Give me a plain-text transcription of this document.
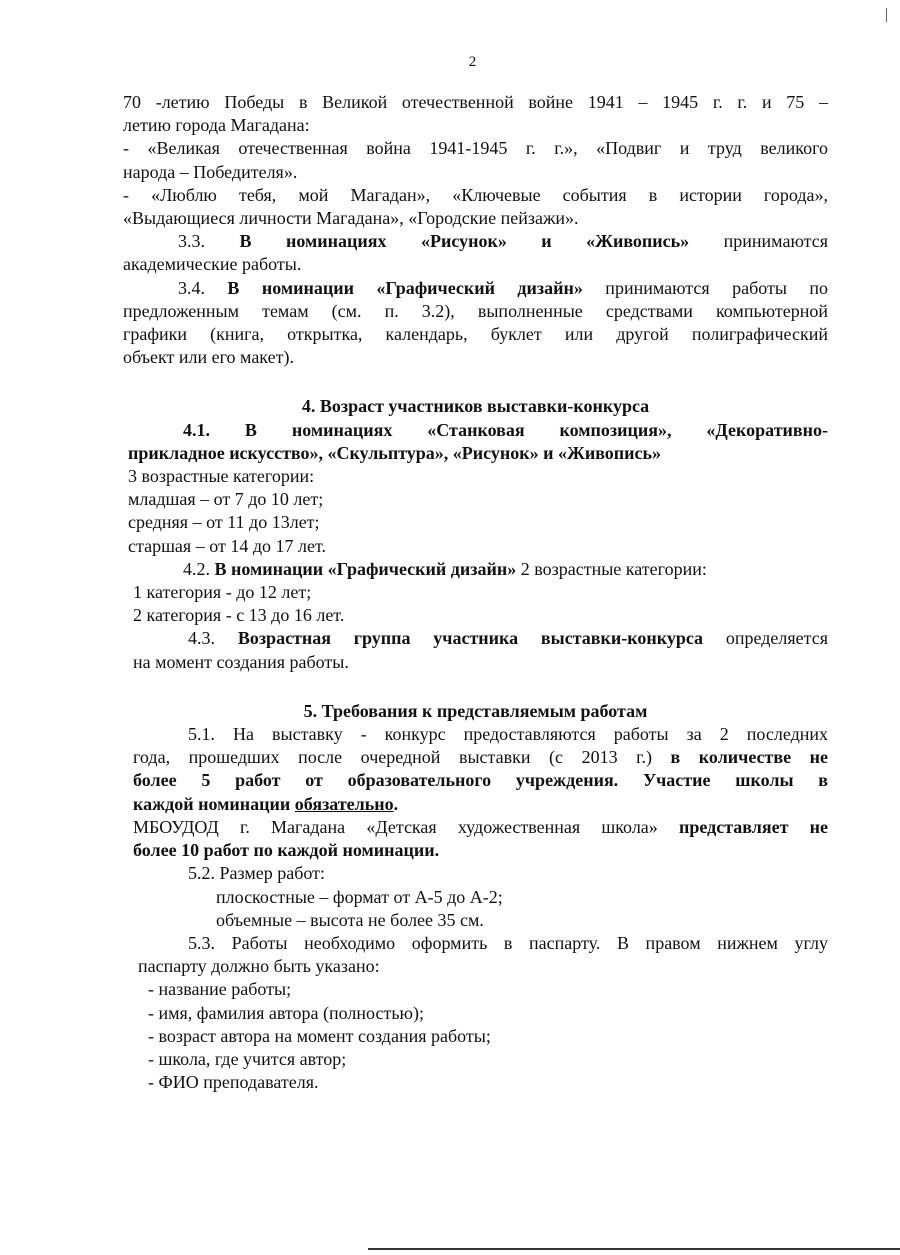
2
70 -летию Победы в Великой отечественной войне 1941 – 1945 г. г. и 75 –
летию города Магадана:
- «Великая отечественная война 1941-1945 г. г.», «Подвиг и труд великого
народа – Победителя».
- «Люблю тебя, мой Магадан», «Ключевые события в истории города»,
«Выдающиеся личности Магадана», «Городские пейзажи».
3.3. В номинациях «Рисунок» и «Живопись» принимаются
академические работы.
3.4. В номинации «Графический дизайн» принимаются работы по
предложенным темам (см. п. 3.2), выполненные средствами компьютерной
графики (книга, открытка, календарь, буклет или другой полиграфический
объект или его макет).
4. Возраст участников выставки-конкурса
4.1. В номинациях «Станковая композиция», «Декоративно-
прикладное искусство», «Скульптура», «Рисунок» и «Живопись»
3 возрастные категории:
младшая – от 7 до 10 лет;
средняя – от 11 до 13лет;
старшая – от 14 до 17 лет.
4.2. В номинации «Графический дизайн» 2 возрастные категории:
1 категория - до 12 лет;
2 категория - с 13 до 16 лет.
4.3. Возрастная группа участника выставки-конкурса определяется
на момент создания работы.
5. Требования к представляемым работам
5.1. На выставку - конкурс предоставляются работы за 2 последних
года, прошедших после очередной выставки (с 2013 г.) в количестве не
более 5 работ от образовательного учреждения. Участие школы в
каждой номинации обязательно.
МБОУДОД г. Магадана «Детская художественная школа» представляет не
более 10 работ по каждой номинации.
5.2. Размер работ:
плоскостные – формат от А-5 до А-2;
объемные – высота не более 35 см.
5.3. Работы необходимо оформить в паспарту. В правом нижнем углу
паспарту должно быть указано:
- название работы;
- имя, фамилия автора (полностью);
- возраст автора на момент создания работы;
- школа, где учится автор;
- ФИО преподавателя.
